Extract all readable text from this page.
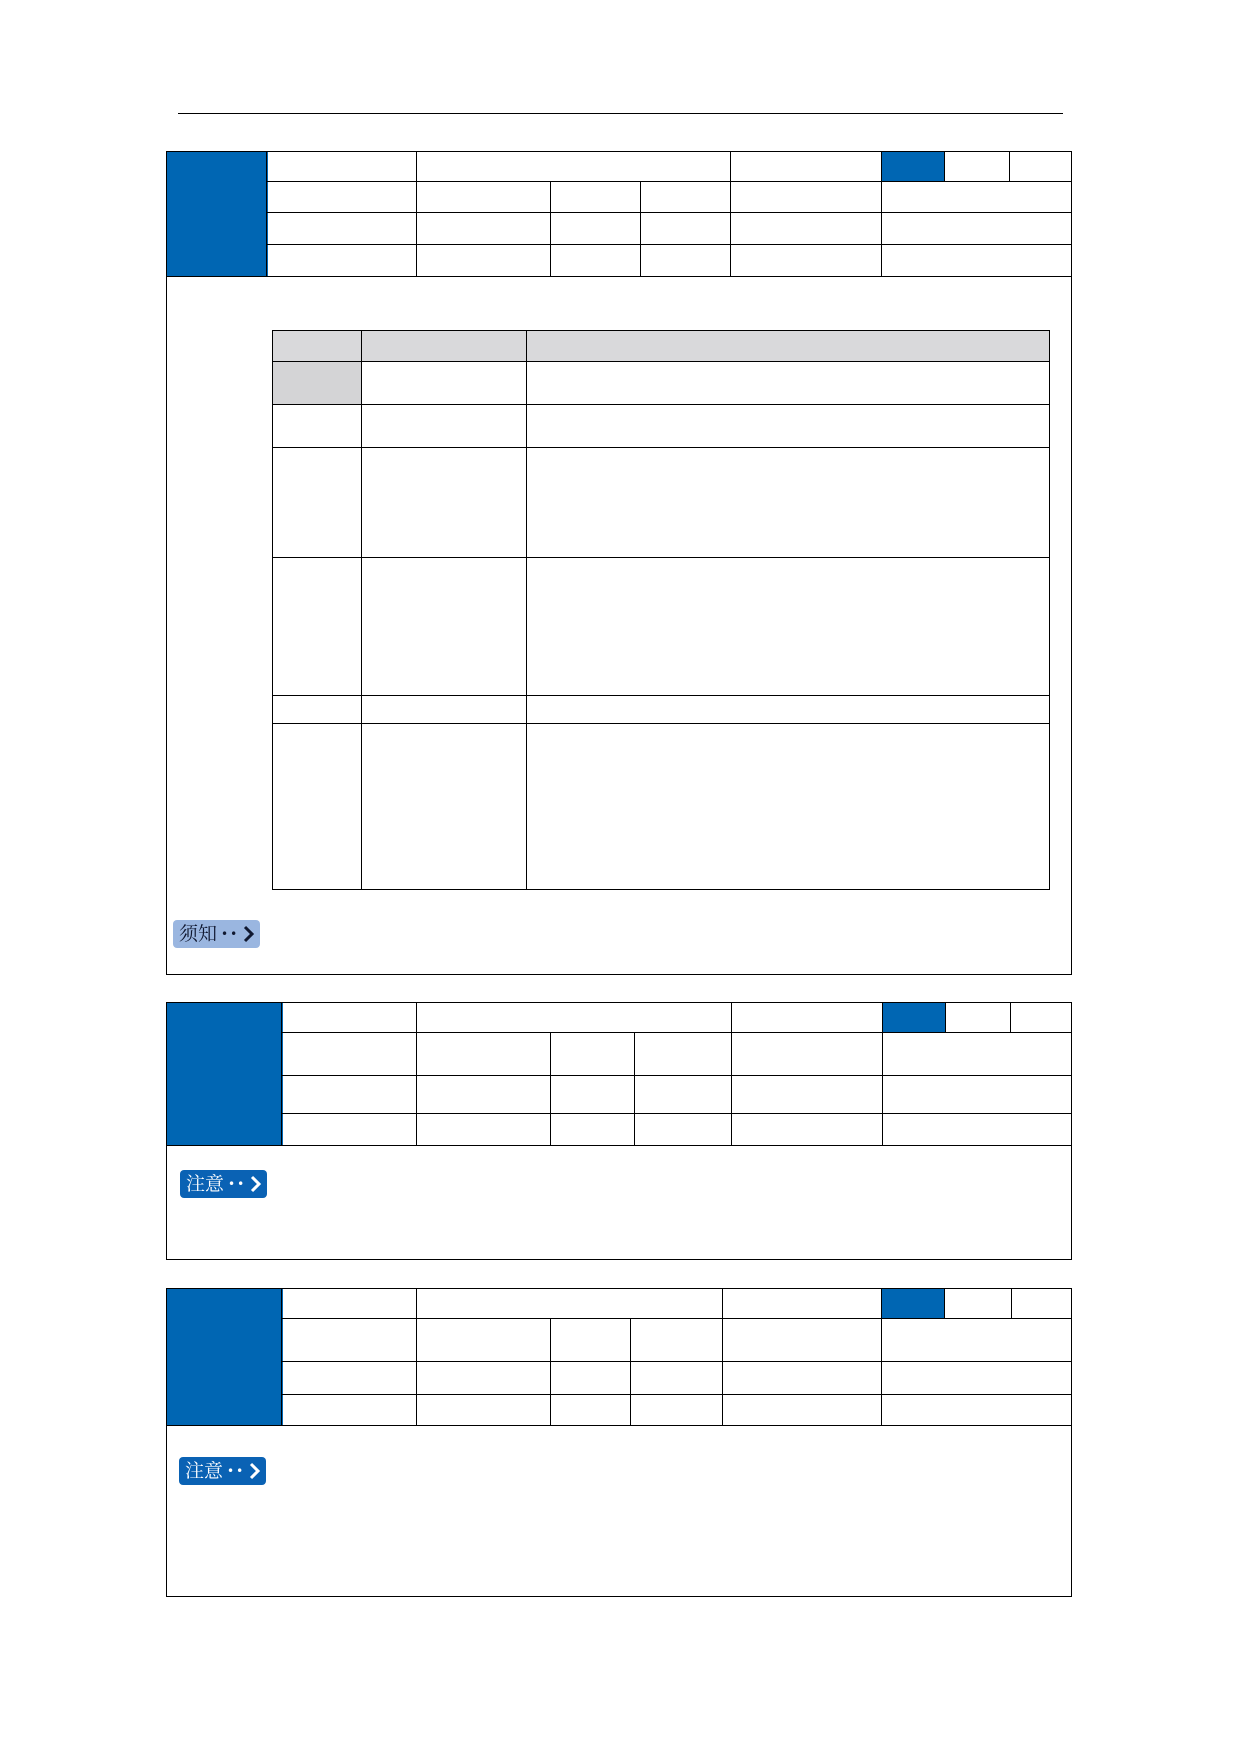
须知 ••

注意 ••

注意 ••
